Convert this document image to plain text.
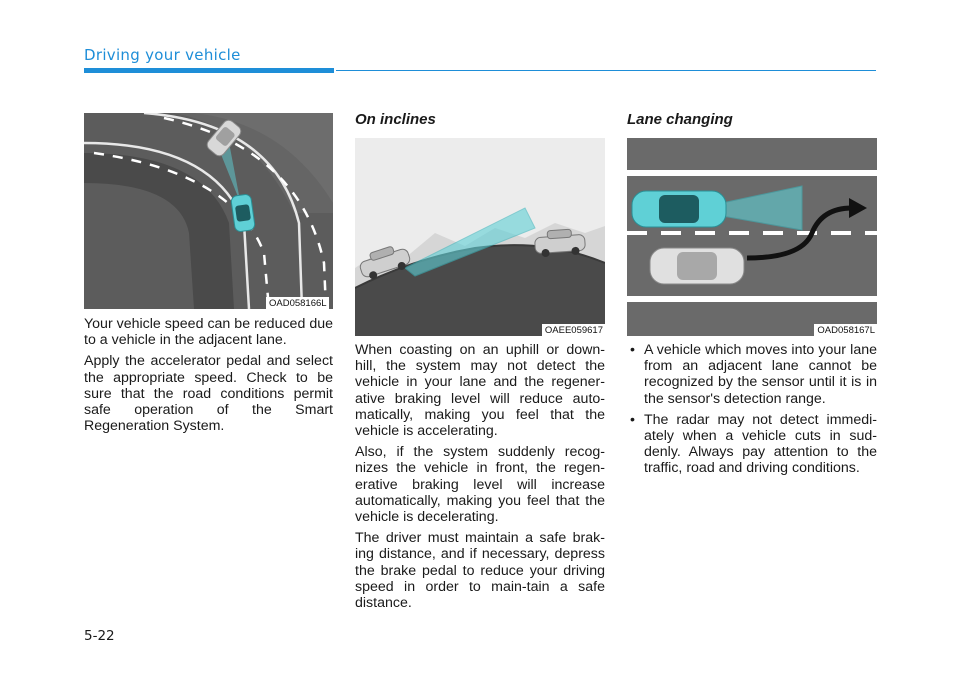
Driving your vehicle
OAD058166L

Your vehicle speed can be reduced due to a vehicle in the adjacent lane.

Apply the accelerator pedal and select the appropriate speed. Check to be sure that the road conditions permit safe operation of the Smart Regeneration System.

On inclines
OAEE059617

When coasting on an uphill or down-hill, the system may not detect the vehicle in your lane and the regener-ative braking level will reduce auto-matically, making you feel that the vehicle is accelerating.

Also, if the system suddenly recog-nizes the vehicle in front, the regen-erative braking level will increase automatically, making you feel that the vehicle is decelerating.

The driver must maintain a safe brak-ing distance, and if necessary, depress the brake pedal to reduce your driving speed in order to main-tain a safe distance.

Lane changing
OAD058167L
• A vehicle which moves into your lane from an adjacent lane cannot be recognized by the sensor until it is in the sensor's detection range.
• The radar may not detect immedi-ately when a vehicle cuts in sud-denly. Always pay attention to the traffic, road and driving conditions.
5-22
